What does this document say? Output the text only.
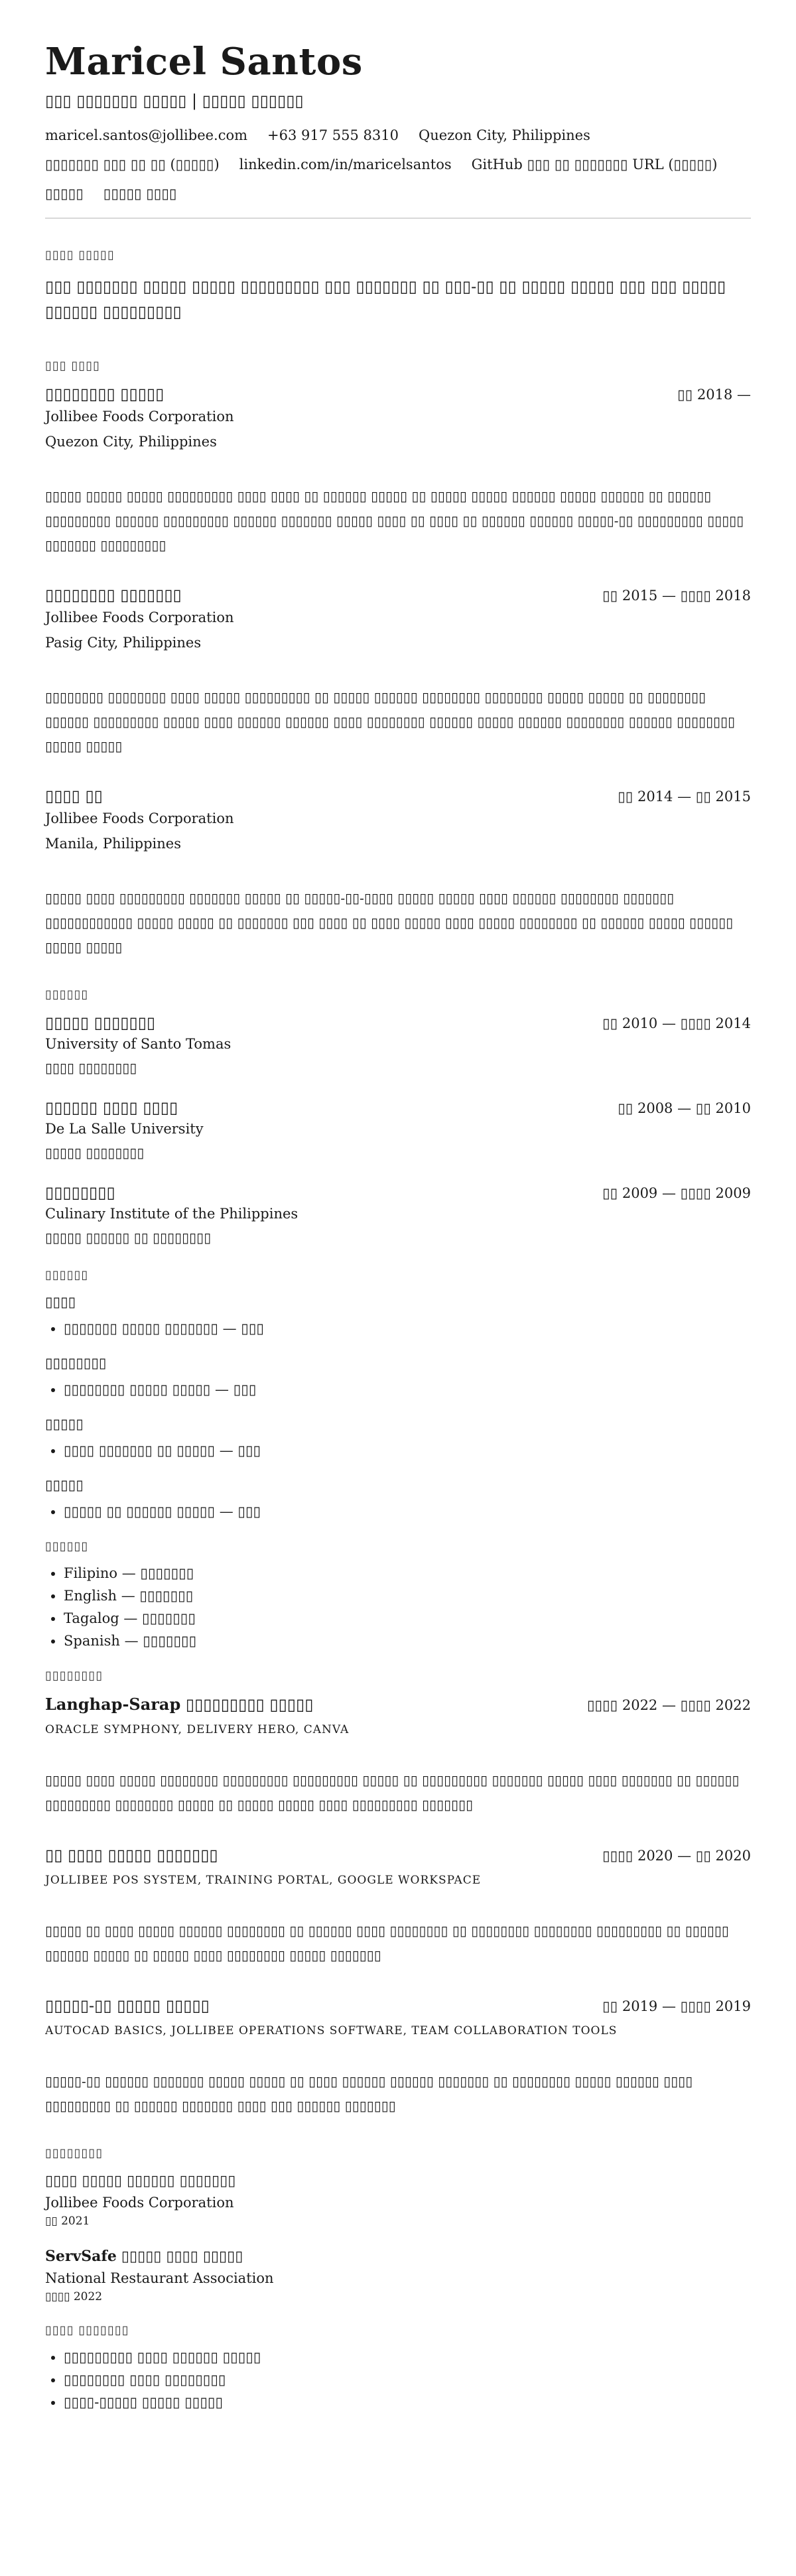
Maricel Santos
▯▯▯ ▯▯▯▯▯▯▯ ▯▯▯▯▯ | ▯▯▯▯▯ ▯▯▯▯▯▯
maricel.santos@jollibee.com +63 917 555 8310 Quezon City, Philippines
▯▯▯▯▯▯▯ ▯▯▯ ▯▯ ▯▯ (▯▯▯▯▯) linkedin.com/in/maricelsantos GitHub ▯▯▯ ▯▯ ▯▯▯▯▯▯▯ URL (▯▯▯▯▯)
▯▯▯▯▯ ▯▯▯▯▯ ▯▯▯▯
▯▯▯▯ ▯▯▯▯▯
▯▯▯ ▯▯▯▯▯▯▯ ▯▯▯▯▯ ▯▯▯▯▯ ▯▯▯▯▯▯▯▯▯ ▯▯▯ ▯▯▯▯▯▯▯ ▯▯ ▯▯▯-▯▯ ▯▯ ▯▯▯▯▯ ▯▯▯▯▯ ▯▯▯ ▯▯▯ ▯▯▯▯▯ ▯▯▯▯▯▯ ▯▯▯▯▯▯▯▯▯
▯▯▯ ▯▯▯▯
▯▯▯▯▯▯▯▯ ▯▯▯▯▯	▯▯ 2018 —
Jollibee Foods Corporation
Quezon City, Philippines
▯▯▯▯▯ ▯▯▯▯▯ ▯▯▯▯▯ ▯▯▯▯▯▯▯▯▯ ▯▯▯▯ ▯▯▯▯ ▯▯ ▯▯▯▯▯▯ ▯▯▯▯▯ ▯▯ ▯▯▯▯▯ ▯▯▯▯▯ ▯▯▯▯▯▯ ▯▯▯▯▯ ▯▯▯▯▯▯ ▯▯ ▯▯▯▯▯▯ ▯▯▯▯▯▯▯▯▯ ▯▯▯▯▯▯ ▯▯▯▯▯▯▯▯▯ ▯▯▯▯▯▯ ▯▯▯▯▯▯▯ ▯▯▯▯▯ ▯▯▯▯ ▯▯ ▯▯▯▯ ▯▯ ▯▯▯▯▯▯ ▯▯▯▯▯▯ ▯▯▯▯▯-▯▯ ▯▯▯▯▯▯▯▯▯ ▯▯▯▯▯ ▯▯▯▯▯▯▯ ▯▯▯▯▯▯▯▯▯
▯▯▯▯▯▯▯▯ ▯▯▯▯▯▯▯	▯▯ 2015 — ▯▯▯▯ 2018
Jollibee Foods Corporation
Pasig City, Philippines
▯▯▯▯▯▯▯▯ ▯▯▯▯▯▯▯▯ ▯▯▯▯ ▯▯▯▯▯ ▯▯▯▯▯▯▯▯▯ ▯▯ ▯▯▯▯▯ ▯▯▯▯▯▯ ▯▯▯▯▯▯▯▯ ▯▯▯▯▯▯▯▯ ▯▯▯▯▯ ▯▯▯▯▯ ▯▯ ▯▯▯▯▯▯▯▯ ▯▯▯▯▯▯ ▯▯▯▯▯▯▯▯▯ ▯▯▯▯▯ ▯▯▯▯ ▯▯▯▯▯▯ ▯▯▯▯▯▯ ▯▯▯▯ ▯▯▯▯▯▯▯▯ ▯▯▯▯▯▯ ▯▯▯▯▯ ▯▯▯▯▯▯ ▯▯▯▯▯▯▯▯ ▯▯▯▯▯▯ ▯▯▯▯▯▯▯▯ ▯▯▯▯▯ ▯▯▯▯▯
▯▯▯▯ ▯▯	▯▯ 2014 — ▯▯ 2015
Jollibee Foods Corporation
Manila, Philippines
▯▯▯▯▯ ▯▯▯▯ ▯▯▯▯▯▯▯▯▯ ▯▯▯▯▯▯▯ ▯▯▯▯▯ ▯▯ ▯▯▯▯▯-▯▯-▯▯▯▯ ▯▯▯▯▯ ▯▯▯▯▯ ▯▯▯▯ ▯▯▯▯▯▯ ▯▯▯▯▯▯▯▯ ▯▯▯▯▯▯▯ ▯▯▯▯▯▯▯▯▯▯▯▯ ▯▯▯▯▯ ▯▯▯▯▯ ▯▯ ▯▯▯▯▯▯▯ ▯▯▯ ▯▯▯▯ ▯▯ ▯▯▯▯ ▯▯▯▯▯ ▯▯▯▯ ▯▯▯▯▯ ▯▯▯▯▯▯▯▯ ▯▯ ▯▯▯▯▯▯ ▯▯▯▯▯ ▯▯▯▯▯▯ ▯▯▯▯▯ ▯▯▯▯▯
▯▯▯▯▯▯
▯▯▯▯▯ ▯▯▯▯▯▯▯	▯▯ 2010 — ▯▯▯▯ 2014
University of Santo Tomas
▯▯▯▯ ▯▯▯▯▯▯▯▯
▯▯▯▯▯▯ ▯▯▯▯ ▯▯▯▯	▯▯ 2008 — ▯▯ 2010
De La Salle University
▯▯▯▯▯ ▯▯▯▯▯▯▯▯
▯▯▯▯▯▯▯▯	▯▯ 2009 — ▯▯▯▯ 2009
Culinary Institute of the Philippines
▯▯▯▯▯ ▯▯▯▯▯▯ ▯▯ ▯▯▯▯▯▯▯▯
▯▯▯▯▯▯
▯▯▯▯
• ▯▯▯▯▯▯▯ ▯▯▯▯▯ ▯▯▯▯▯▯▯ — ▯▯▯
▯▯▯▯▯▯▯▯
• ▯▯▯▯▯▯▯▯ ▯▯▯▯▯ ▯▯▯▯▯ — ▯▯▯
▯▯▯▯▯
• ▯▯▯▯ ▯▯▯▯▯▯▯ ▯▯ ▯▯▯▯▯ — ▯▯▯
▯▯▯▯▯
• ▯▯▯▯▯ ▯▯ ▯▯▯▯▯▯ ▯▯▯▯▯ — ▯▯▯
▯▯▯▯▯▯
• Filipino — ▯▯▯▯▯▯▯
• English — ▯▯▯▯▯▯▯
• Tagalog — ▯▯▯▯▯▯▯
• Spanish — ▯▯▯▯▯▯▯
▯▯▯▯▯▯▯▯
Langhap-Sarap ▯▯▯▯▯▯▯▯▯ ▯▯▯▯▯	▯▯▯▯ 2022 — ▯▯▯▯ 2022
ORACLE SYMPHONY, DELIVERY HERO, CANVA
▯▯▯▯▯ ▯▯▯▯ ▯▯▯▯▯ ▯▯▯▯▯▯▯▯ ▯▯▯▯▯▯▯▯▯ ▯▯▯▯▯▯▯▯▯ ▯▯▯▯▯ ▯▯ ▯▯▯▯▯▯▯▯▯ ▯▯▯▯▯▯▯ ▯▯▯▯▯ ▯▯▯▯ ▯▯▯▯▯▯▯ ▯▯ ▯▯▯▯▯▯ ▯▯▯▯▯▯▯▯▯ ▯▯▯▯▯▯▯▯ ▯▯▯▯▯ ▯▯ ▯▯▯▯▯ ▯▯▯▯▯ ▯▯▯▯ ▯▯▯▯▯▯▯▯▯ ▯▯▯▯▯▯▯
▯▯ ▯▯▯▯ ▯▯▯▯▯ ▯▯▯▯▯▯▯	▯▯▯▯ 2020 — ▯▯ 2020
JOLLIBEE POS SYSTEM, TRAINING PORTAL, GOOGLE WORKSPACE
▯▯▯▯▯ ▯▯ ▯▯▯▯ ▯▯▯▯▯ ▯▯▯▯▯▯ ▯▯▯▯▯▯▯▯ ▯▯ ▯▯▯▯▯▯ ▯▯▯▯ ▯▯▯▯▯▯▯▯ ▯▯ ▯▯▯▯▯▯▯▯ ▯▯▯▯▯▯▯▯ ▯▯▯▯▯▯▯▯▯ ▯▯ ▯▯▯▯▯▯ ▯▯▯▯▯▯ ▯▯▯▯▯ ▯▯ ▯▯▯▯▯ ▯▯▯▯ ▯▯▯▯▯▯▯▯ ▯▯▯▯▯ ▯▯▯▯▯▯▯
▯▯▯▯▯-▯▯ ▯▯▯▯▯ ▯▯▯▯▯	▯▯ 2019 — ▯▯▯▯ 2019
AUTOCAD BASICS, JOLLIBEE OPERATIONS SOFTWARE, TEAM COLLABORATION TOOLS
▯▯▯▯▯-▯▯ ▯▯▯▯▯▯ ▯▯▯▯▯▯▯ ▯▯▯▯▯ ▯▯▯▯▯ ▯▯ ▯▯▯▯ ▯▯▯▯▯▯ ▯▯▯▯▯▯ ▯▯▯▯▯▯▯ ▯▯ ▯▯▯▯▯▯▯▯ ▯▯▯▯▯ ▯▯▯▯▯▯ ▯▯▯▯ ▯▯▯▯▯▯▯▯▯ ▯▯ ▯▯▯▯▯▯ ▯▯▯▯▯▯▯ ▯▯▯▯ ▯▯▯ ▯▯▯▯▯▯ ▯▯▯▯▯▯▯
▯▯▯▯▯▯▯▯
▯▯▯▯ ▯▯▯▯▯ ▯▯▯▯▯▯ ▯▯▯▯▯▯▯
Jollibee Foods Corporation
▯▯ 2021
ServSafe ▯▯▯▯▯ ▯▯▯▯ ▯▯▯▯▯
National Restaurant Association
▯▯▯▯ 2022
▯▯▯▯ ▯▯▯▯▯▯▯
• ▯▯▯▯▯▯▯▯▯ ▯▯▯▯ ▯▯▯▯▯▯ ▯▯▯▯▯
• ▯▯▯▯▯▯▯▯ ▯▯▯▯ ▯▯▯▯▯▯▯▯
• ▯▯▯▯-▯▯▯▯▯ ▯▯▯▯▯ ▯▯▯▯▯
